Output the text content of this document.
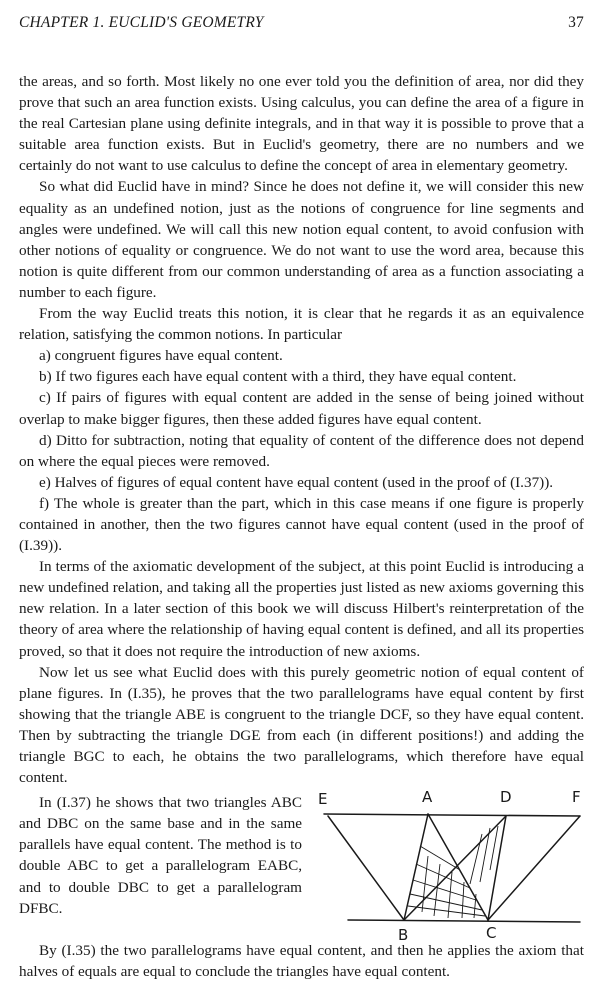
CHAPTER 1. EUCLID'S GEOMETRY	37

the areas, and so forth. Most likely no one ever told you the definition of area, nor did they prove that such an area function exists. Using calculus, you can define the area of a figure in the real Cartesian plane using definite integrals, and in that way it is possible to prove that a suitable area function exists. But in Euclid's geometry, there are no numbers and we certainly do not want to use calculus to define the concept of area in elementary geometry.

So what did Euclid have in mind? Since he does not define it, we will consider this new equality as an undefined notion, just as the notions of congruence for line segments and angles were undefined. We will call this new notion equal content, to avoid confusion with other notions of equality or congruence. We do not want to use the word area, because this notion is quite different from our common understanding of area as a function associating a number to each figure.

From the way Euclid treats this notion, it is clear that he regards it as an equivalence relation, satisfying the common notions. In particular

a) congruent figures have equal content.

b) If two figures each have equal content with a third, they have equal content.

c) If pairs of figures with equal content are added in the sense of being joined without overlap to make bigger figures, then these added figures have equal content.

d) Ditto for subtraction, noting that equality of content of the difference does not depend on where the equal pieces were removed.

e) Halves of figures of equal content have equal content (used in the proof of (I.37)).

f) The whole is greater than the part, which in this case means if one figure is properly contained in another, then the two figures cannot have equal content (used in the proof of (I.39)).

In terms of the axiomatic development of the subject, at this point Euclid is introducing a new undefined relation, and taking all the properties just listed as new axioms governing this new relation. In a later section of this book we will discuss Hilbert's reinterpretation of the theory of area where the relationship of having equal content is defined, and all its properties proved, so that it does not require the introduction of new axioms.

Now let us see what Euclid does with this purely geometric notion of equal content of plane figures. In (I.35), he proves that the two parallelograms have equal content by first showing that the triangle ABE is congruent to the triangle DCF, so they have equal content. Then by subtracting the triangle DGE from each (in different positions!) and adding the triangle BGC to each, he obtains the two parallelograms, which therefore have equal content.

In (I.37) he shows that two triangles ABC and DBC on the same base and in the same parallels have equal content. The method is to double ABC to get a parallelogram EABC, and to double DBC to get a parallelogram DFBC.

E	A	D	F
B	C

By (I.35) the two parallelograms have equal content, and then he applies the axiom that halves of equals are equal to conclude the triangles have equal content.
